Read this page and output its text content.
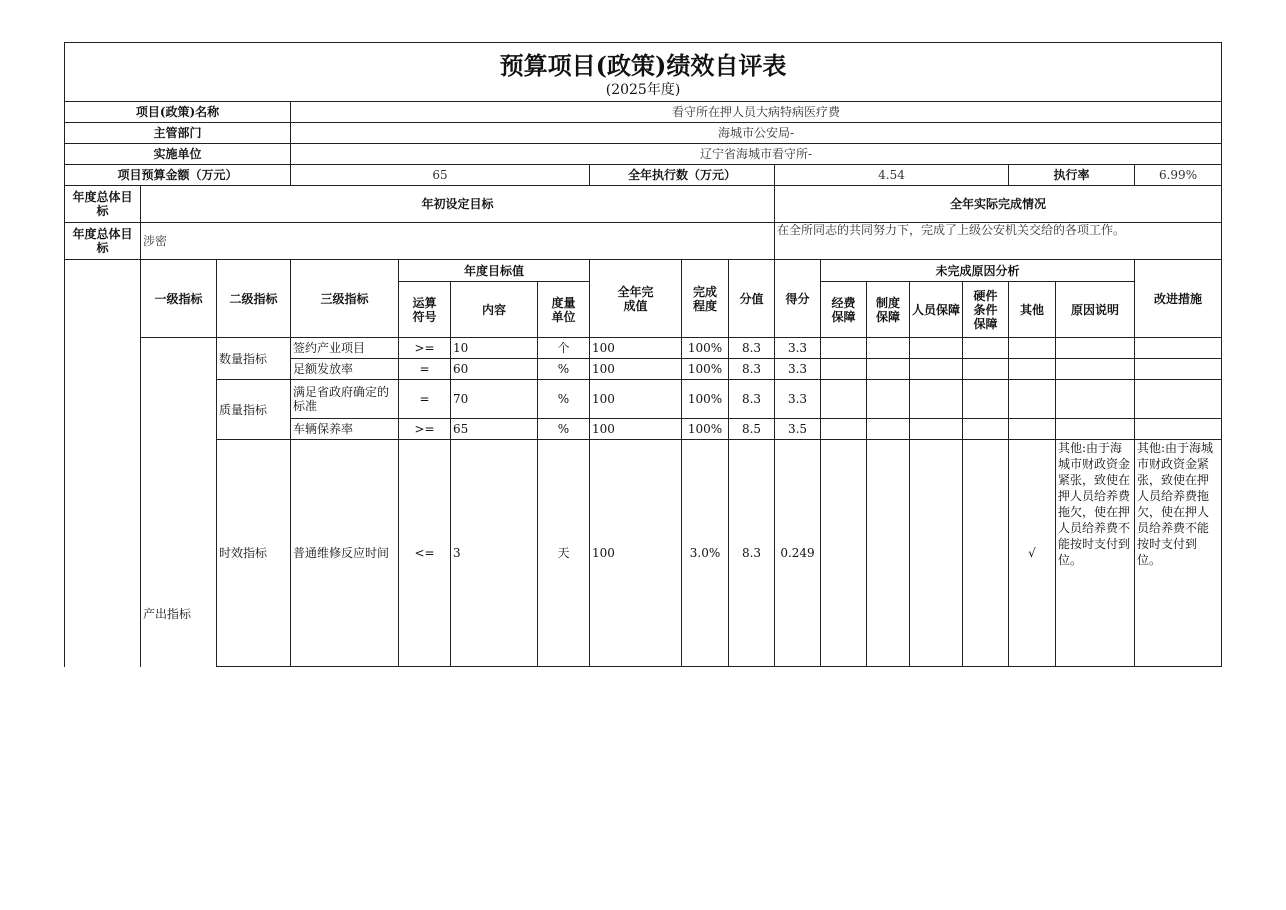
预算项目(政策)绩效自评表
(2025年度)																	

项目(政策)名称			看守所在押人员大病特病医疗费														
主管部门			海城市公安局-														
实施单位			辽宁省海城市看守所-														
项目预算金额（万元）			65				全年执行数（万元）			4.54					执行率		6.99%
年度总体目标	年初设定目标									全年实际完成情况							
年度总体目标	涉密									在全所同志的共同努力下，完成了上级公安机关交给的各项工作。							
	一级指标	二级指标	三级指标	年度目标值			全年完成值	完成程度	分值	得分	未完成原因分析						改进措施
				运算符号	内容	度量单位					经费保障	制度保障	人员保障	硬件条件保障	其他	原因说明	
	产出指标	数量指标	签约产业项目	>=	10	个	100	100%	8.3	3.3							
			足额发放率	=	60	%	100	100%	8.3	3.3							
		质量指标	满足省政府确定的标准	=	70	%	100	100%	8.3	3.3							
			车辆保养率	>=	65	%	100	100%	8.5	3.5							
		时效指标	普通维修反应时间	<=	3	天	100	3.0%	8.3	0.249					√	其他:由于海城市财政资金紧张，致使在押人员给养费拖欠，使在押人员给养费不能按时支付到位。	其他:由于海城市财政资金紧张，致使在押人员给养费拖欠，使在押人员给养费不能按时支付到位。
